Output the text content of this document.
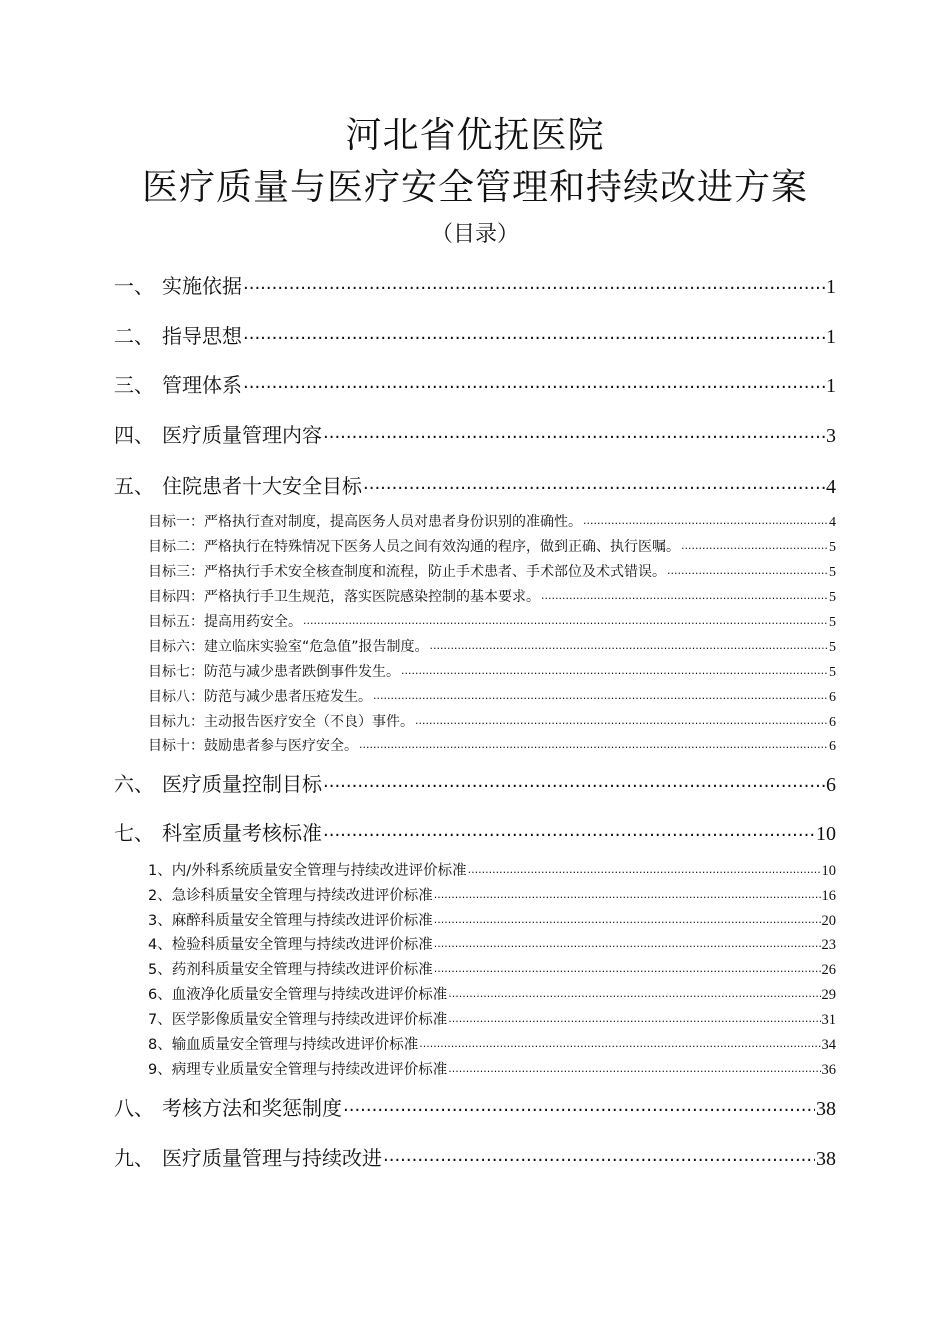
河北省优抚医院
医疗质量与医疗安全管理和持续改进方案
（目录）
一、 实施依据 .....	1
二、 指导思想 .....	1
三、 管理体系 .....	1
四、 医疗质量管理内容 .....	3
五、 住院患者十大安全目标 .....	4
目标一：严格执行查对制度，提高医务人员对患者身份识别的准确性。 .....	4
目标二：严格执行在特殊情况下医务人员之间有效沟通的程序，做到正确、执行医嘱。 .....	5
目标三：严格执行手术安全核查制度和流程，防止手术患者、手术部位及术式错误。 .....	5
目标四：严格执行手卫生规范，落实医院感染控制的基本要求。 .....	5
目标五：提高用药安全。 .....	5
目标六：建立临床实验室“危急值”报告制度。 .....	5
目标七：防范与减少患者跌倒事件发生。 .....	5
目标八：防范与减少患者压疮发生。 .....	6
目标九：主动报告医疗安全（不良）事件。 .....	6
目标十：鼓励患者参与医疗安全。 .....	6
六、 医疗质量控制目标 .....	6
七、 科室质量考核标准 .....	10
1、内/外科系统质量安全管理与持续改进评价标准 .....	10
2、急诊科质量安全管理与持续改进评价标准 .....	16
3、麻醉科质量安全管理与持续改进评价标准 .....	20
4、检验科质量安全管理与持续改进评价标准 .....	23
5、药剂科质量安全管理与持续改进评价标准 .....	26
6、血液净化质量安全管理与持续改进评价标准 .....	29
7、医学影像质量安全管理与持续改进评价标准 .....	31
8、输血质量安全管理与持续改进评价标准 .....	34
9、病理专业质量安全管理与持续改进评价标准 .....	36
八、 考核方法和奖惩制度 .....	38
九、 医疗质量管理与持续改进 .....	38
